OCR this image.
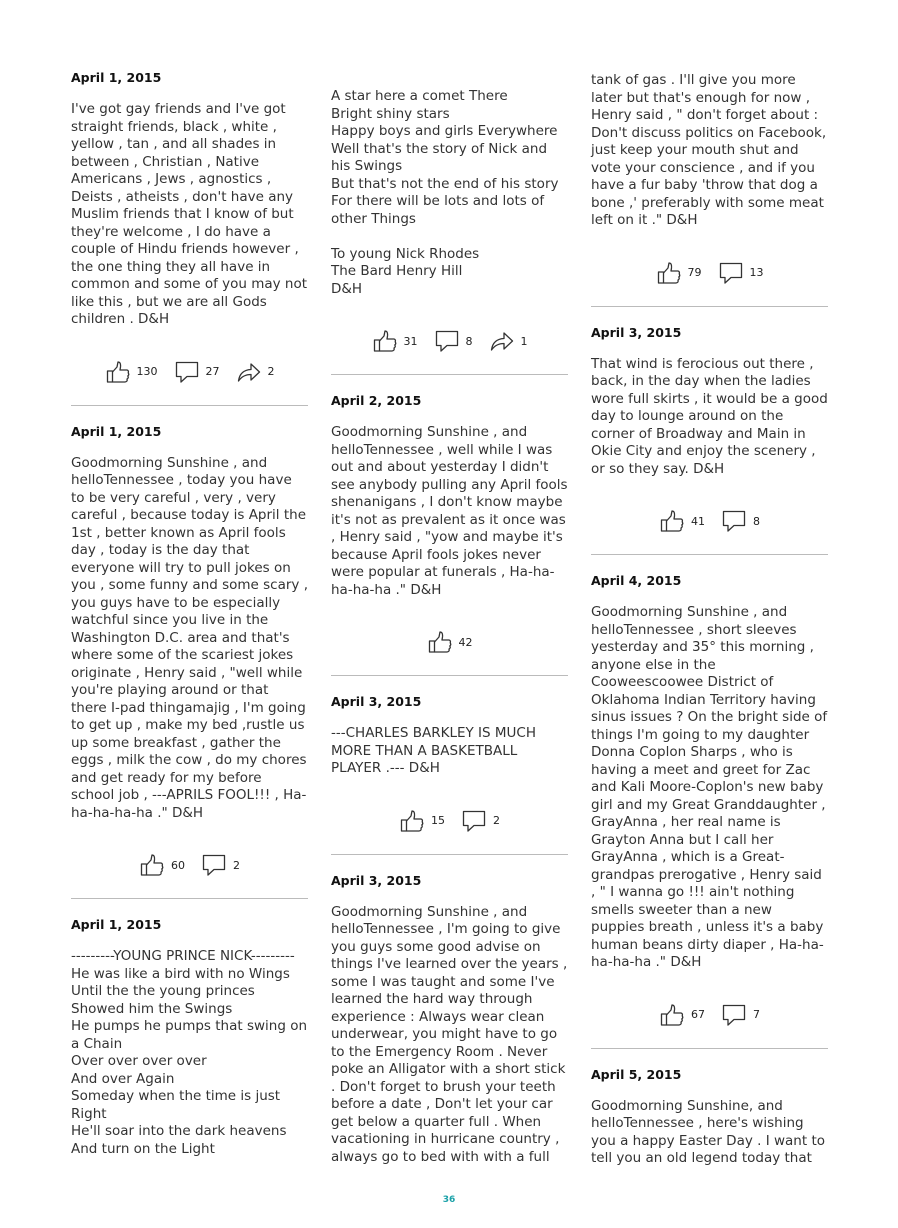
April 1, 2015
I've got gay friends and I've got straight friends, black , white , yellow , tan , and all shades in between , Christian , Native Americans , Jews , agnostics , Deists , atheists , don't have any Muslim friends that I know of but they're welcome , I do have a couple of Hindu friends however , the one thing they all have in common and some of you may not like this , but we are all Gods children . D&H
130	27	2
April 1, 2015
Goodmorning Sunshine , and helloTennessee , today you have to be very careful , very , very careful , because today is April the 1st , better known as April fools day , today is the day that everyone will try to pull jokes on you , some funny and some scary , you guys have to be especially watchful since you live in the Washington D.C. area and that's where some of the scariest jokes originate , Henry said , "well while you're playing around or that there I-pad thingamajig , I'm going to get up , make my bed ,rustle us up some breakfast , gather the eggs , milk the cow , do my chores and get ready for my before school job , ---APRILS FOOL!!! , Ha-ha-ha-ha-ha ." D&H
60	2
April 1, 2015
---------YOUNG PRINCE NICK---------
He was like a bird with no Wings
Until the the young princes
Showed him the Swings
He pumps he pumps that swing on a Chain
Over over over over
And over Again
Someday when the time is just Right
He'll soar into the dark heavens
And turn on the Light
A star here a comet There
Bright shiny stars
Happy boys and girls Everywhere
Well that's the story of Nick and his Swings
But that's not the end of his story
For there will be lots and lots of other Things

To young Nick Rhodes
The Bard Henry Hill
D&H
31	8	1
April 2, 2015
Goodmorning Sunshine , and helloTennessee , well while I was out and about yesterday I didn't see anybody pulling any April fools shenanigans , I don't know maybe it's not as prevalent as it once was , Henry said , "yow and maybe it's because April fools jokes never were popular at funerals , Ha-ha-ha-ha-ha ." D&H
42
April 3, 2015
---CHARLES BARKLEY IS MUCH MORE THAN A BASKETBALL PLAYER .--- D&H
15	2
April 3, 2015
Goodmorning Sunshine , and helloTennessee , I'm going to give you guys some good advise on things I've learned over the years , some I was taught and some I've learned the hard way through experience : Always wear clean underwear, you might have to go to the Emergency Room . Never poke an Alligator with a short stick . Don't forget to brush your teeth before a date , Don't let your car get below a quarter full . When vacationing in hurricane country , always go to bed with with a full
tank of gas . I'll give you more later but that's enough for now , Henry said , " don't forget about : Don't discuss politics on Facebook, just keep your mouth shut and vote your conscience , and if you have a fur baby 'throw that dog a bone ,' preferably with some meat left on it ." D&H
79	13
April 3, 2015
That wind is ferocious out there , back, in the day when the ladies wore full skirts , it would be a good day to lounge around on the corner of Broadway and Main in Okie City and enjoy the scenery , or so they say. D&H
41	8
April 4, 2015
Goodmorning Sunshine , and helloTennessee , short sleeves yesterday and 35° this morning , anyone else in the Cooweescoowee District of Oklahoma Indian Territory having sinus issues ? On the bright side of things I'm going to my daughter Donna Coplon Sharps , who is having a meet and greet for Zac and Kali Moore-Coplon's new baby girl and my Great Granddaughter , GrayAnna , her real name is Grayton Anna but I call her GrayAnna , which is a Great-grandpas prerogative , Henry said , " I wanna go !!! ain't nothing smells sweeter than a new puppies breath , unless it's a baby human beans dirty diaper , Ha-ha-ha-ha-ha ." D&H
67	7
April 5, 2015
Goodmorning Sunshine, and helloTennessee , here's wishing you a happy Easter Day . I want to tell you an old legend today that
36
